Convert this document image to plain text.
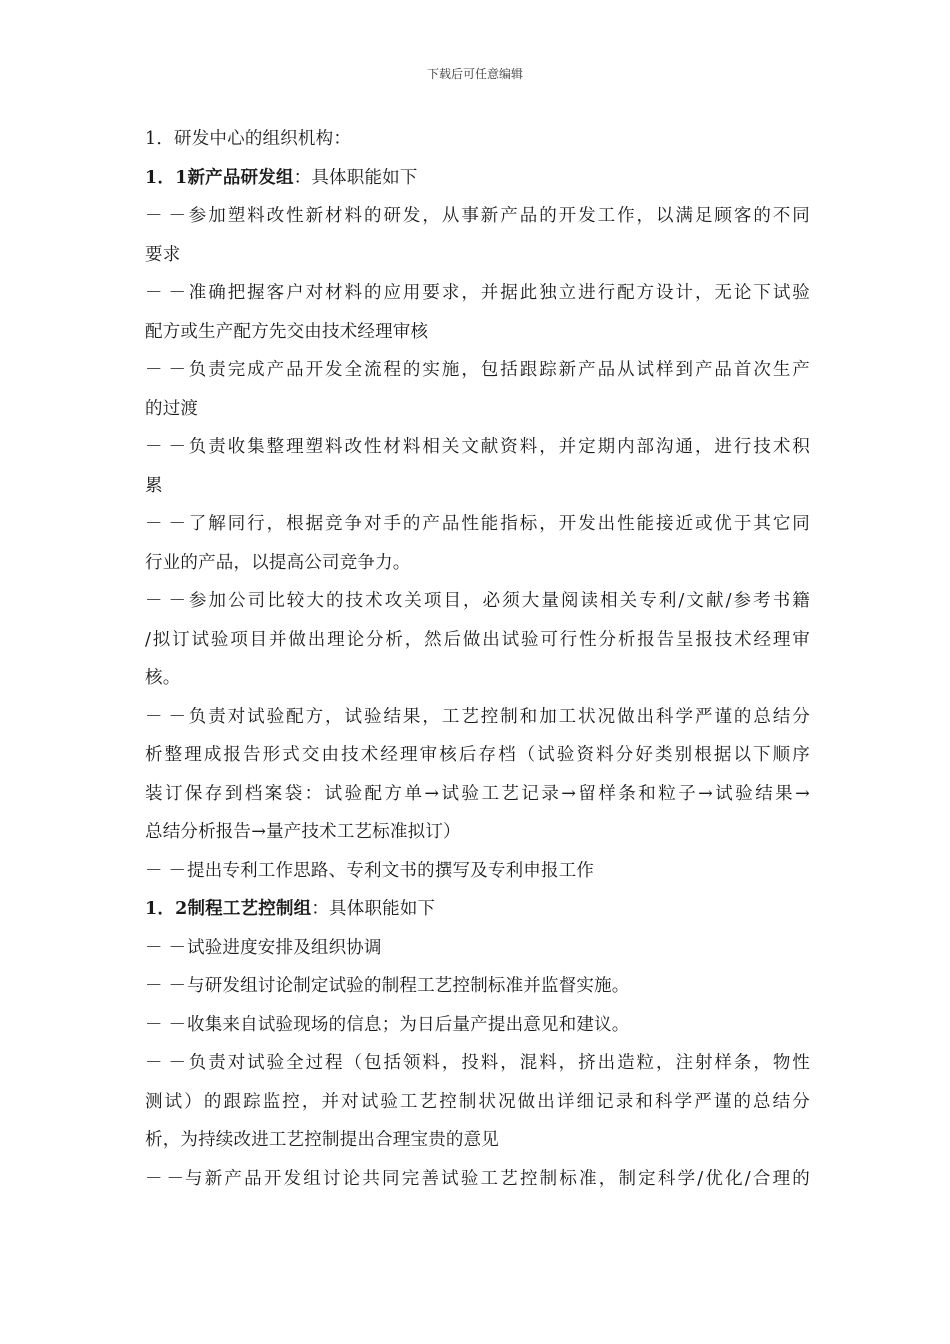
下载后可任意编辑
1．研发中心的组织机构：
1．1新产品研发组：具体职能如下
－－参加塑料改性新材料的研发，从事新产品的开发工作，以满足顾客的不同
要求
－－准确把握客户对材料的应用要求，并据此独立进行配方设计，无论下试验
配方或生产配方先交由技术经理审核
－－负责完成产品开发全流程的实施，包括跟踪新产品从试样到产品首次生产
的过渡
－－负责收集整理塑料改性材料相关文献资料，并定期内部沟通，进行技术积
累
－－了解同行，根据竞争对手的产品性能指标，开发出性能接近或优于其它同
行业的产品，以提高公司竞争力。
－－参加公司比较大的技术攻关项目，必须大量阅读相关专利/文献/参考书籍
/拟订试验项目并做出理论分析，然后做出试验可行性分析报告呈报技术经理审
核。
－－负责对试验配方，试验结果，工艺控制和加工状况做出科学严谨的总结分
析整理成报告形式交由技术经理审核后存档（试验资料分好类别根据以下顺序
装订保存到档案袋：试验配方单→试验工艺记录→留样条和粒子→试验结果→
总结分析报告→量产技术工艺标准拟订）
－－提出专利工作思路、专利文书的撰写及专利申报工作
1．2制程工艺控制组：具体职能如下
－－试验进度安排及组织协调
－－与研发组讨论制定试验的制程工艺控制标准并监督实施。
－－收集来自试验现场的信息；为日后量产提出意见和建议。
－－负责对试验全过程（包括领料，投料，混料，挤出造粒，注射样条，物性
测试）的跟踪监控，并对试验工艺控制状况做出详细记录和科学严谨的总结分
析，为持续改进工艺控制提出合理宝贵的意见
－－与新产品开发组讨论共同完善试验工艺控制标准，制定科学/优化/合理的
